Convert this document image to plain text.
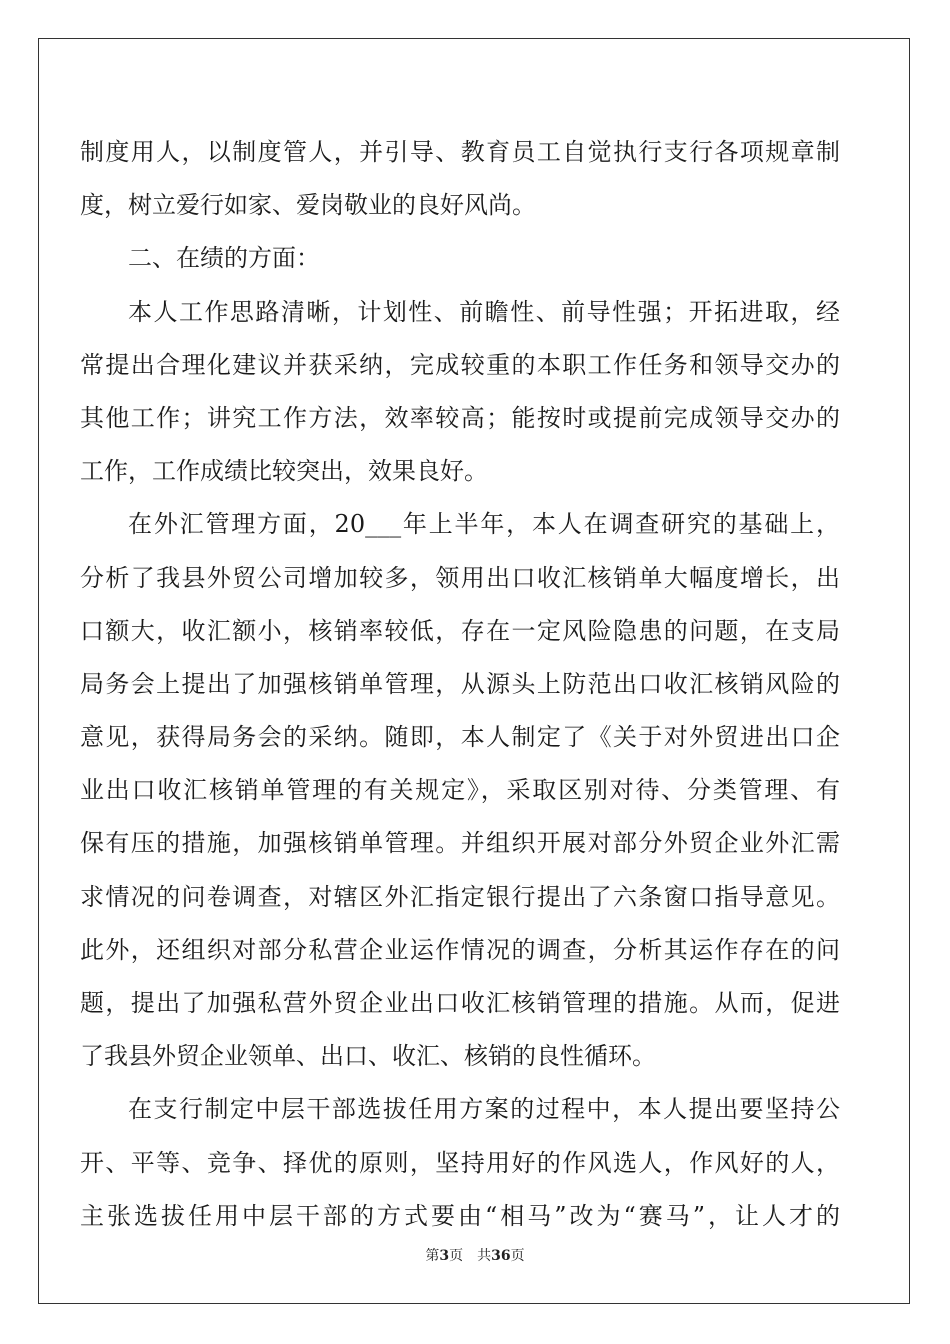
制度用人，以制度管人，并引导、教育员工自觉执行支行各项规章制
度，树立爱行如家、爱岗敬业的良好风尚。
二、在绩的方面：
本人工作思路清晰，计划性、前瞻性、前导性强；开拓进取，经
常提出合理化建议并获采纳，完成较重的本职工作任务和领导交办的
其他工作；讲究工作方法，效率较高；能按时或提前完成领导交办的
工作，工作成绩比较突出，效果良好。
在外汇管理方面，20___年上半年，本人在调查研究的基础上，
分析了我县外贸公司增加较多，领用出口收汇核销单大幅度增长，出
口额大，收汇额小，核销率较低，存在一定风险隐患的问题，在支局
局务会上提出了加强核销单管理，从源头上防范出口收汇核销风险的
意见，获得局务会的采纳。随即，本人制定了《关于对外贸进出口企
业出口收汇核销单管理的有关规定》，采取区别对待、分类管理、有
保有压的措施，加强核销单管理。并组织开展对部分外贸企业外汇需
求情况的问卷调查，对辖区外汇指定银行提出了六条窗口指导意见。
此外，还组织对部分私营企业运作情况的调查，分析其运作存在的问
题，提出了加强私营外贸企业出口收汇核销管理的措施。从而，促进
了我县外贸企业领单、出口、收汇、核销的良性循环。
在支行制定中层干部选拔任用方案的过程中，本人提出要坚持公
开、平等、竞争、择优的原则，坚持用好的作风选人，作风好的人，
主张选拔任用中层干部的方式要由“相马”改为“赛马”，让人才的
第3页 共36页
